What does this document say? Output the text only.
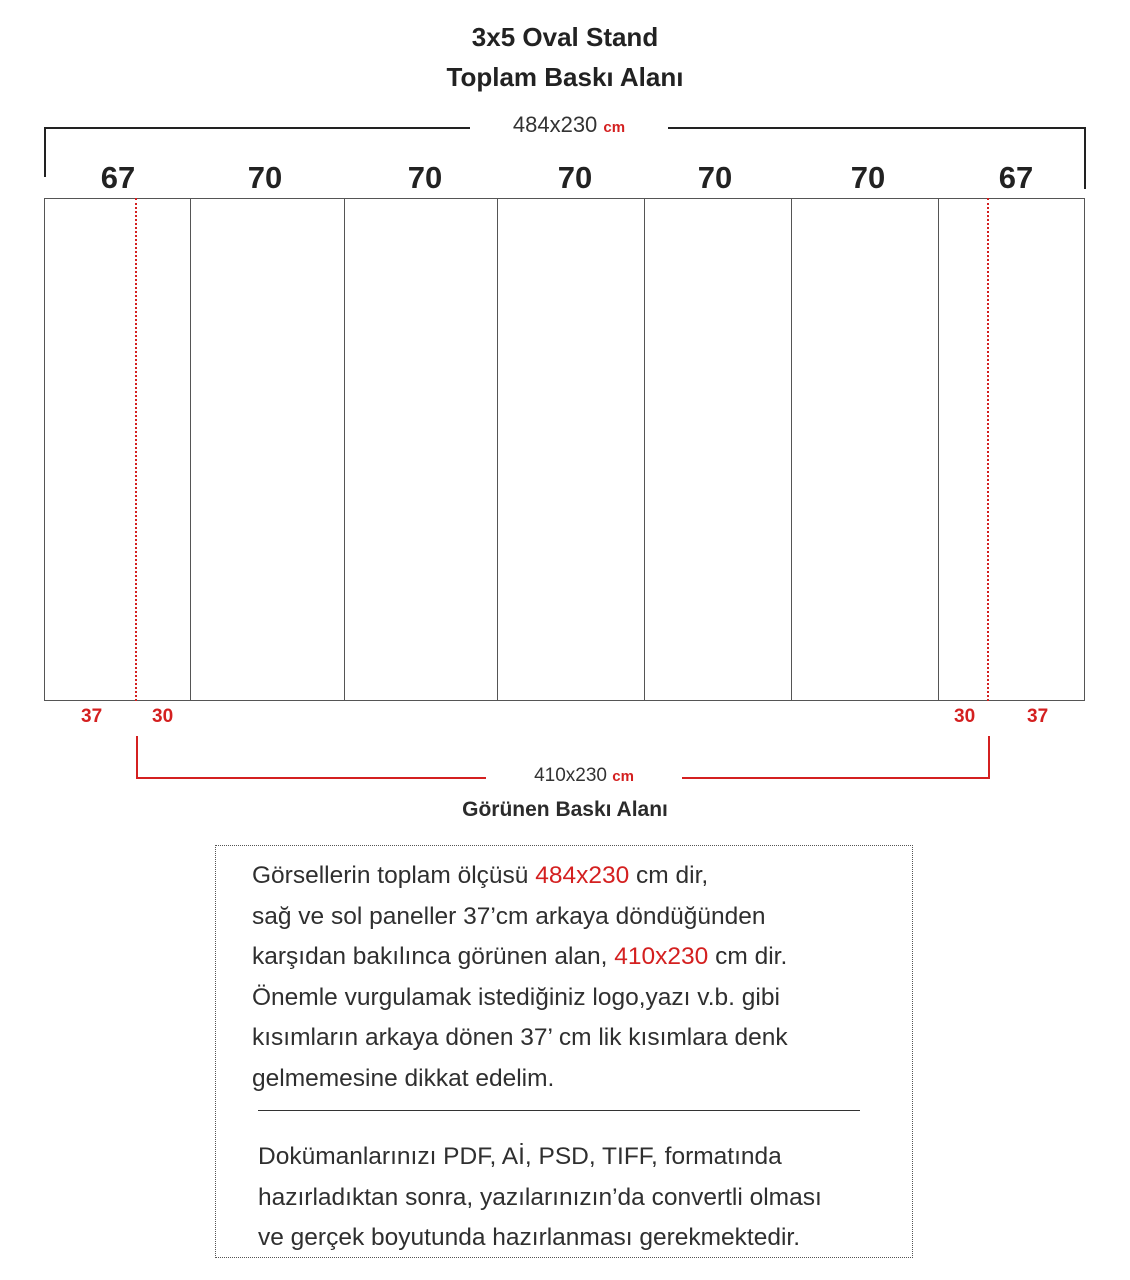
3x5 Oval Stand
Toplam Baskı Alanı
484x230 cm
67	70	70	70	70	70	67
37	30	30	37
410x230 cm
Görünen Baskı Alanı

Görsellerin toplam ölçüsü 484x230 cm dir,

sağ ve sol paneller 37’cm arkaya döndüğünden

karşıdan bakılınca görünen alan, 410x230 cm dir.

Önemle vurgulamak istediğiniz logo,yazı v.b. gibi

kısımların arkaya dönen 37’ cm lik kısımlara denk

gelmemesine dikkat edelim.

Dokümanlarınızı PDF, Aİ, PSD, TIFF, formatında

hazırladıktan sonra, yazılarınızın’da convertli olması

ve gerçek boyutunda hazırlanması gerekmektedir.
